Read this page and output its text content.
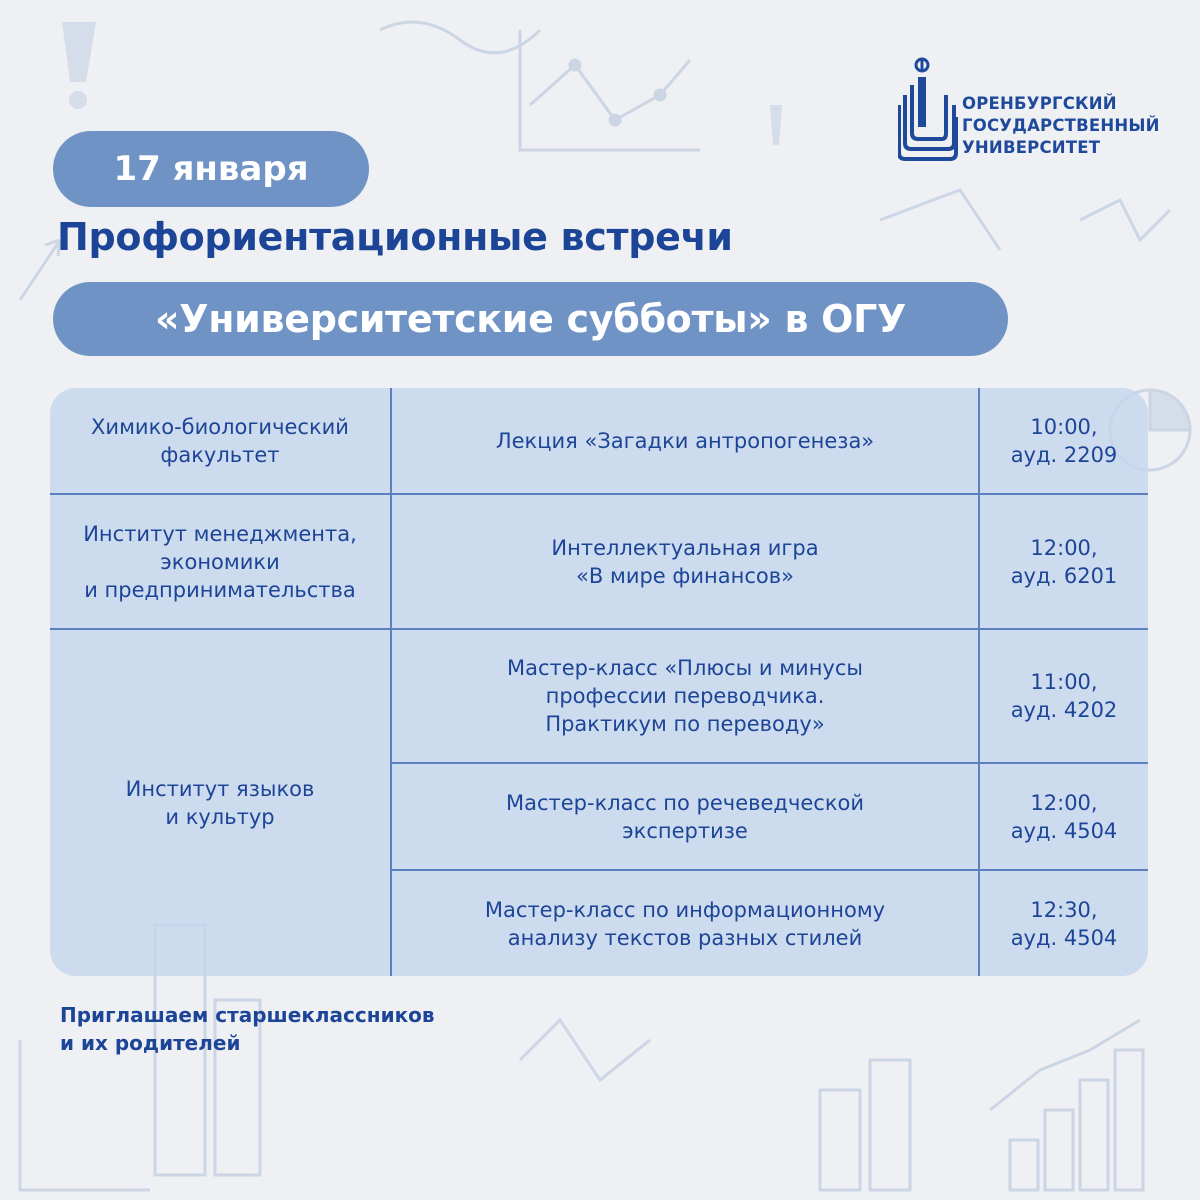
ОРЕНБУРГСКИЙ
ГОСУДАРСТВЕННЫЙ
УНИВЕРСИТЕТ
17 января
Профориентационные встречи
«Университетские субботы» в ОГУ
Химико-биологический
факультет
Лекция «Загадки антропогенеза»
10:00,
ауд. 2209
Институт менеджмента,
экономики
и предпринимательства
Интеллектуальная игра
«В мире финансов»
12:00,
ауд. 6201
Институт языков
и культур
Мастер-класс «Плюсы и минусы
профессии переводчика.
Практикум по переводу»
11:00,
ауд. 4202
Мастер-класс по речеведческой
экспертизе
12:00,
ауд. 4504
Мастер-класс по информационному
анализу текстов разных стилей
12:30,
ауд. 4504
Приглашаем старшеклассников
и их родителей
